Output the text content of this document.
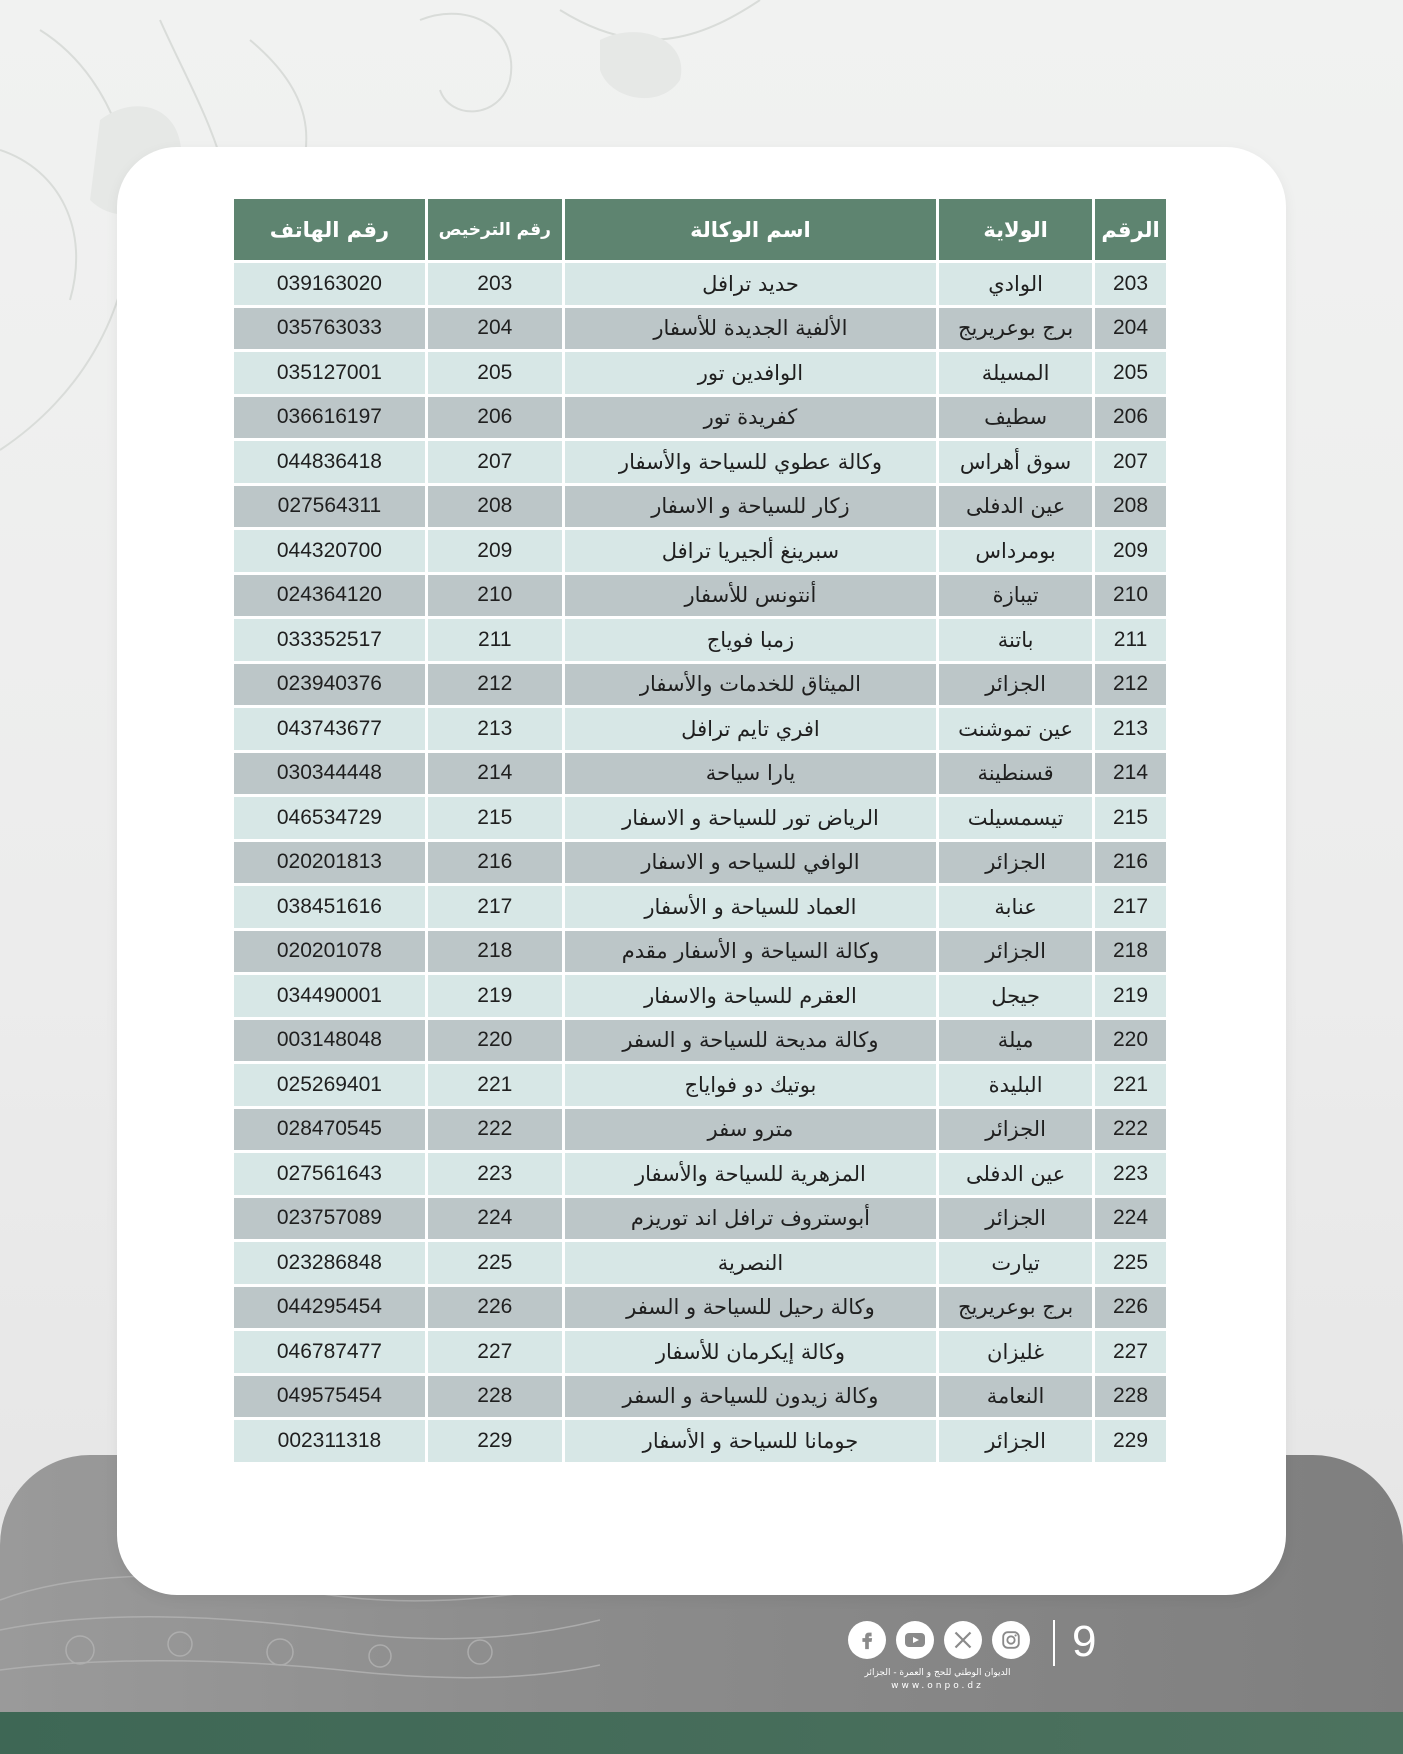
الرقم	الولاية	اسم الوكالة	رقم الترخيص	رقم الهاتف
203	الوادي	حديد ترافل	203	039163020
204	برج بوعريريج	الألفية الجديدة للأسفار	204	035763033
205	المسيلة	الوافدين تور	205	035127001
206	سطيف	كفريدة تور	206	036616197
207	سوق أهراس	وكالة عطوي للسياحة والأسفار	207	044836418
208	عين الدفلى	زكار للسياحة و الاسفار	208	027564311
209	بومرداس	سبرينغ ألجيريا ترافل	209	044320700
210	تيبازة	أنتونس للأسفار	210	024364120
211	باتنة	زمبا فوياج	211	033352517
212	الجزائر	الميثاق للخدمات والأسفار	212	023940376
213	عين تموشنت	افري تايم ترافل	213	043743677
214	قسنطينة	يارا سياحة	214	030344448
215	تيسمسيلت	الرياض تور للسياحة و الاسفار	215	046534729
216	الجزائر	الوافي للسياحه و الاسفار	216	020201813
217	عنابة	العماد للسياحة و الأسفار	217	038451616
218	الجزائر	وكالة السياحة و الأسفار مقدم	218	020201078
219	جيجل	العقرم للسياحة والاسفار	219	034490001
220	ميلة	وكالة مديحة للسياحة و السفر	220	003148048
221	البليدة	بوتيك دو فواياج	221	025269401
222	الجزائر	مترو سفر	222	028470545
223	عين الدفلى	المزهرية للسياحة والأسفار	223	027561643
224	الجزائر	أبوستروف ترافل اند توريزم	224	023757089
225	تيارت	النصرية	225	023286848
226	برج بوعريريج	وكالة رحيل للسياحة و السفر	226	044295454
227	غليزان	وكالة إيكرمان للأسفار	227	046787477
228	النعامة	وكالة زيدون للسياحة و السفر	228	049575454
229	الجزائر	جومانا للسياحة و الأسفار	229	002311318
9
الديوان الوطني للحج و العمرة - الجزائر
www.onpo.dz
